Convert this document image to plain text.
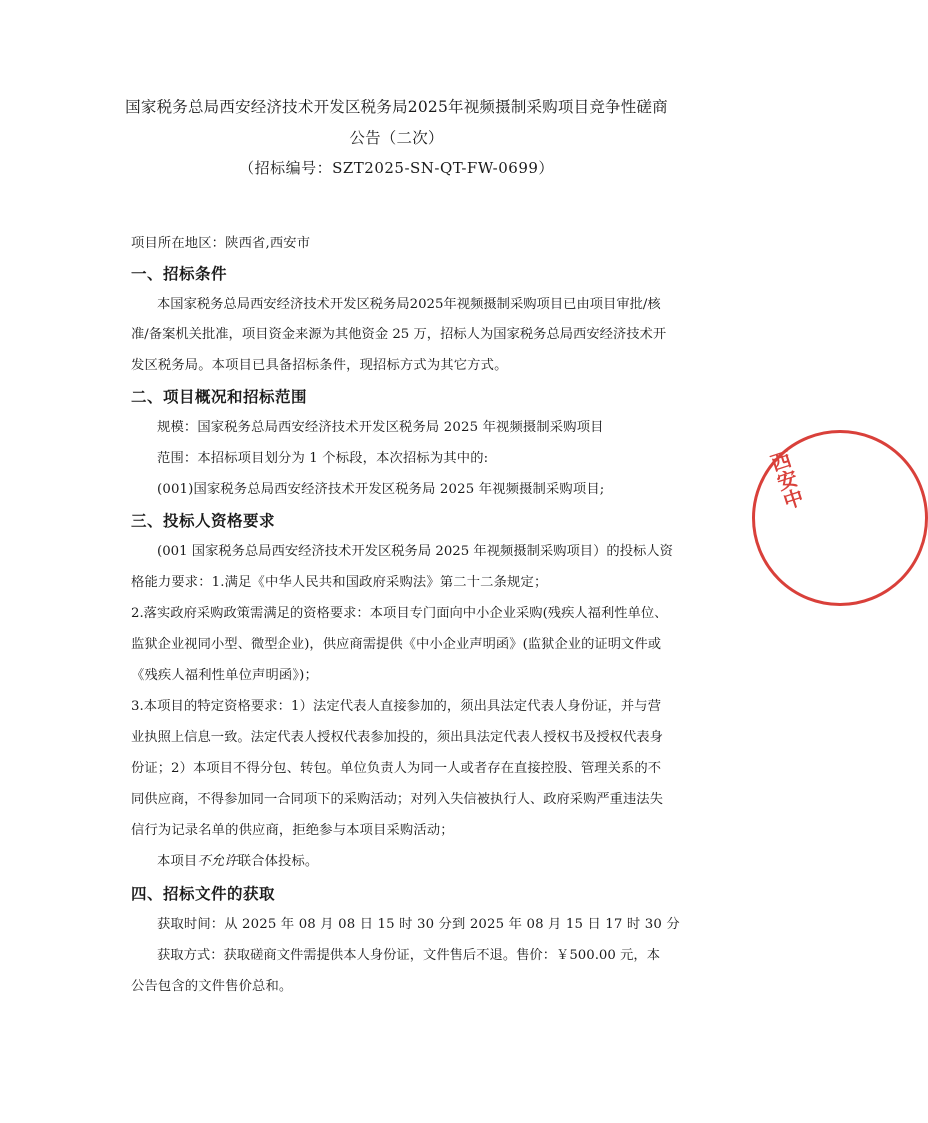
国家税务总局西安经济技术开发区税务局2025年视频摄制采购项目竞争性磋商
公告（二次）
（招标编号：SZT2025-SN-QT-FW-0699）
项目所在地区：陕西省,西安市
一、招标条件
本国家税务总局西安经济技术开发区税务局2025年视频摄制采购项目已由项目审批/核
准/备案机关批准，项目资金来源为其他资金 25 万，招标人为国家税务总局西安经济技术开
发区税务局。本项目已具备招标条件，现招标方式为其它方式。
二、项目概况和招标范围
规模：国家税务总局西安经济技术开发区税务局 2025 年视频摄制采购项目
范围：本招标项目划分为 1 个标段，本次招标为其中的:
(001)国家税务总局西安经济技术开发区税务局 2025 年视频摄制采购项目;
三、投标人资格要求
(001 国家税务总局西安经济技术开发区税务局 2025 年视频摄制采购项目）的投标人资
格能力要求：1.满足《中华人民共和国政府采购法》第二十二条规定；
2.落实政府采购政策需满足的资格要求：本项目专门面向中小企业采购(残疾人福利性单位、
监狱企业视同小型、微型企业)，供应商需提供《中小企业声明函》(监狱企业的证明文件或
《残疾人福利性单位声明函》)；
3.本项目的特定资格要求：1）法定代表人直接参加的，须出具法定代表人身份证，并与营
业执照上信息一致。法定代表人授权代表参加投的，须出具法定代表人授权书及授权代表身
份证；2）本项目不得分包、转包。单位负责人为同一人或者存在直接控股、管理关系的不
同供应商，不得参加同一合同项下的采购活动；对列入失信被执行人、政府采购严重违法失
信行为记录名单的供应商，拒绝参与本项目采购活动；
本项目不允许联合体投标。
四、招标文件的获取
获取时间：从 2025 年 08 月 08 日 15 时 30 分到 2025 年 08 月 15 日 17 时 30 分
获取方式：获取磋商文件需提供本人身份证，文件售后不退。售价：￥500.00 元，本
公告包含的文件售价总和。
西安中
